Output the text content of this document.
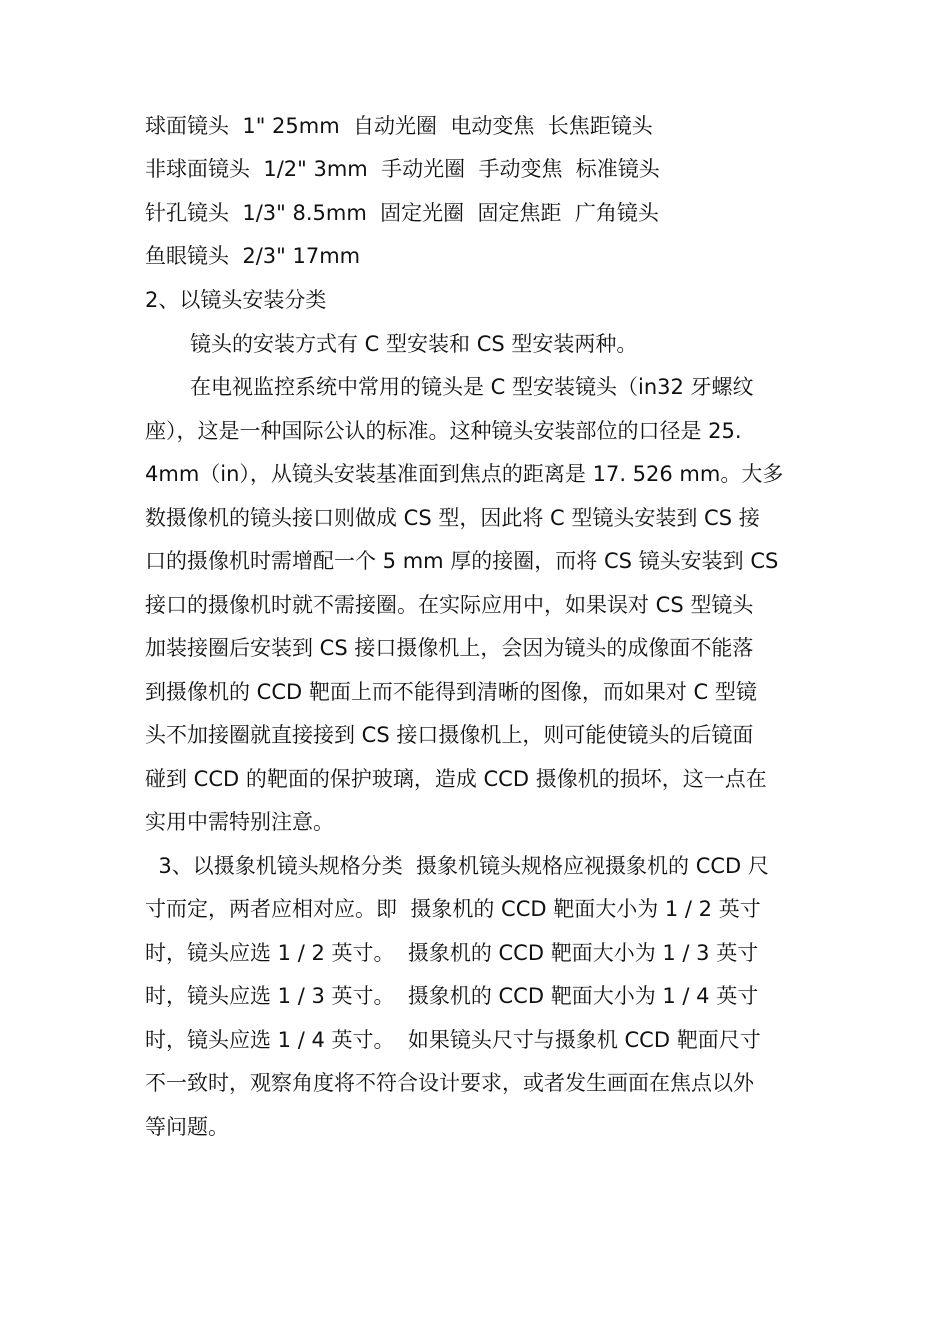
球面镜头  1" 25mm  自动光圈  电动变焦  长焦距镜头
非球面镜头  1/2" 3mm  手动光圈  手动变焦  标准镜头
针孔镜头  1/3" 8.5mm  固定光圈  固定焦距  广角镜头
鱼眼镜头  2/3" 17mm
2、以镜头安装分类
镜头的安装方式有 C 型安装和 CS 型安装两种。
在电视监控系统中常用的镜头是 C 型安装镜头（in32 牙螺纹
座），这是一种国际公认的标准。这种镜头安装部位的口径是 25.
4mm（in），从镜头安装基准面到焦点的距离是 17. 526 mm。大多
数摄像机的镜头接口则做成 CS 型，因此将 C 型镜头安装到 CS 接
口的摄像机时需增配一个 5 mm 厚的接圈，而将 CS 镜头安装到 CS
接口的摄像机时就不需接圈。在实际应用中，如果误对 CS 型镜头
加装接圈后安装到 CS 接口摄像机上，会因为镜头的成像面不能落
到摄像机的 CCD 靶面上而不能得到清晰的图像，而如果对 C 型镜
头不加接圈就直接接到 CS 接口摄像机上，则可能使镜头的后镜面
碰到 CCD 的靶面的保护玻璃，造成 CCD 摄像机的损坏，这一点在
实用中需特别注意。
3、以摄象机镜头规格分类  摄象机镜头规格应视摄象机的 CCD 尺
寸而定，两者应相对应。即  摄象机的 CCD 靶面大小为 1 / 2 英寸
时，镜头应选 1 / 2 英寸。  摄象机的 CCD 靶面大小为 1 / 3 英寸
时，镜头应选 1 / 3 英寸。  摄象机的 CCD 靶面大小为 1 / 4 英寸
时，镜头应选 1 / 4 英寸。  如果镜头尺寸与摄象机 CCD 靶面尺寸
不一致时，观察角度将不符合设计要求，或者发生画面在焦点以外
等问题。
